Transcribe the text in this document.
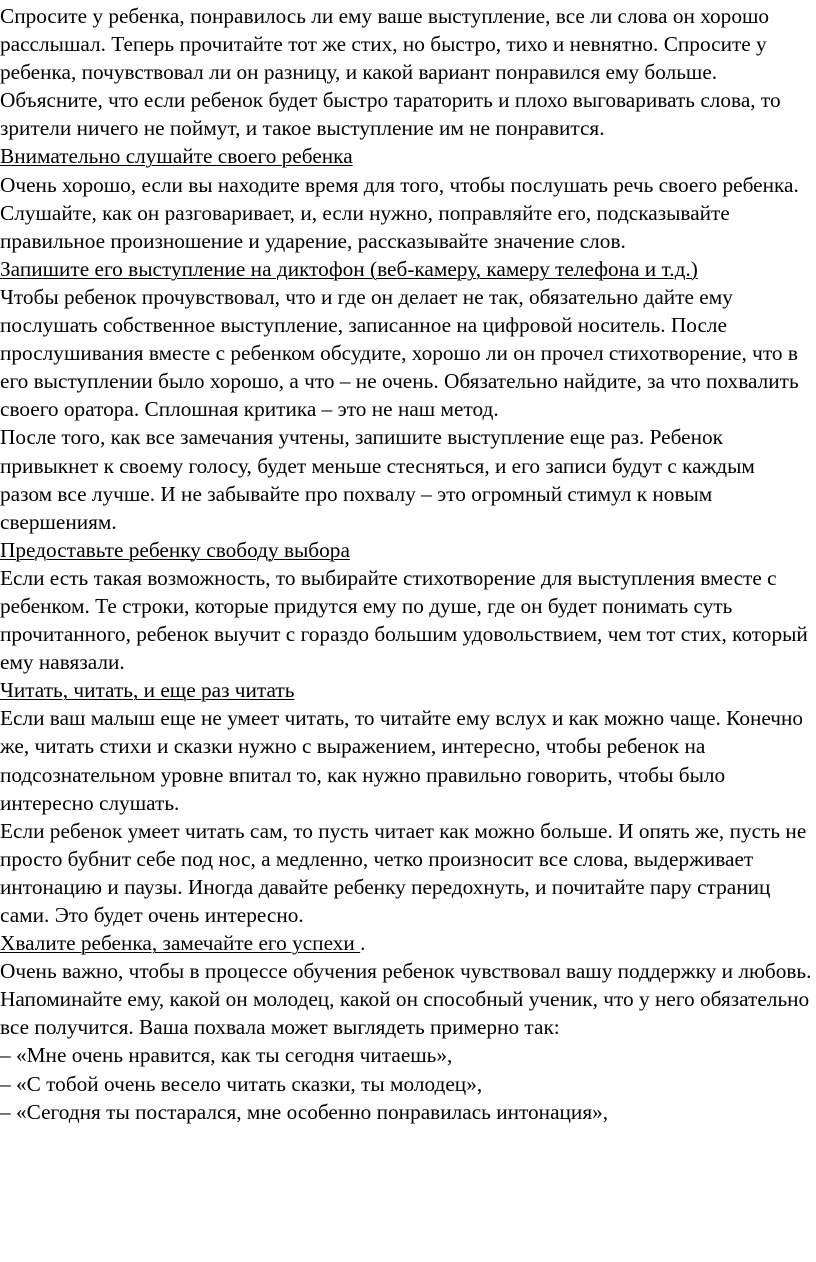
Спросите у ребенка, понравилось ли ему ваше выступление, все ли слова он хорошо расслышал. Теперь прочитайте тот же стих, но быстро, тихо и невнятно. Спросите у ребенка, почувствовал ли он разницу, и какой вариант понравился ему больше. Объясните, что если ребенок будет быстро тараторить и плохо выговаривать слова, то зрители ничего не поймут, и такое выступление им не понравится.

Внимательно слушайте своего ребенка

Очень хорошо, если вы находите время для того, чтобы послушать речь своего ребенка. Слушайте, как он разговаривает, и, если нужно, поправляйте его, подсказывайте правильное произношение и ударение, рассказывайте значение слов.

Запишите его выступление на диктофон (веб-камеру, камеру телефона и т.д.)

Чтобы ребенок прочувствовал, что и где он делает не так, обязательно дайте ему послушать собственное выступление, записанное на цифровой носитель. После прослушивания вместе с ребенком обсудите, хорошо ли он прочел стихотворение, что в его выступлении было хорошо, а что – не очень. Обязательно найдите, за что похвалить своего оратора. Сплошная критика – это не наш метод.

После того, как все замечания учтены, запишите выступление еще раз. Ребенок привыкнет к своему голосу, будет меньше стесняться, и его записи будут с каждым разом все лучше. И не забывайте про похвалу – это огромный стимул к новым свершениям.

Предоставьте ребенку свободу выбора

Если есть такая возможность, то выбирайте стихотворение для выступления вместе с ребенком. Те строки, которые придутся ему по душе, где он будет понимать суть прочитанного, ребенок выучит с гораздо большим удовольствием, чем тот стих, который ему навязали.

Читать, читать, и еще раз читать

Если ваш малыш еще не умеет читать, то читайте ему вслух и как можно чаще. Конечно же, читать стихи и сказки нужно с выражением, интересно, чтобы ребенок на подсознательном уровне впитал то, как нужно правильно говорить, чтобы было интересно слушать.

Если ребенок умеет читать сам, то пусть читает как можно больше. И опять же, пусть не просто бубнит себе под нос, а медленно, четко произносит все слова, выдерживает интонацию и паузы. Иногда давайте ребенку передохнуть, и почитайте пару страниц сами. Это будет очень интересно.

Хвалите ребенка, замечайте его успехи .

Очень важно, чтобы в процессе обучения ребенок чувствовал вашу поддержку и любовь. Напоминайте ему, какой он молодец, какой он способный ученик, что у него обязательно все получится. Ваша похвала может выглядеть примерно так:

– «Мне очень нравится, как ты сегодня читаешь»,

– «С тобой очень весело читать сказки, ты молодец»,

– «Сегодня ты постарался, мне особенно понравилась интонация»,
